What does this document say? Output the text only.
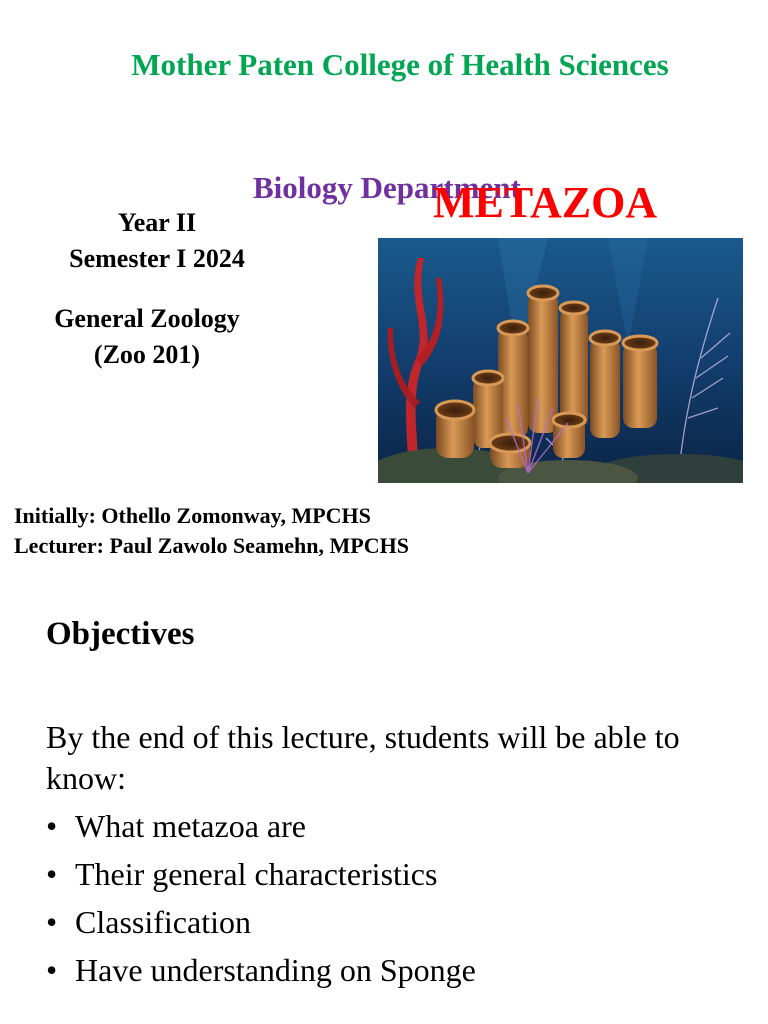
Mother Paten College of Health Sciences
Biology Department
METAZOA
Year II
Semester I 2024
General Zoology
(Zoo 201)
Initially: Othello Zomonway, MPCHS
Lecturer: Paul Zawolo Seamehn, MPCHS
Objectives
By the end of this lecture, students will be able to know:
• What metazoa are
• Their general characteristics
• Classification
• Have understanding on Sponge
